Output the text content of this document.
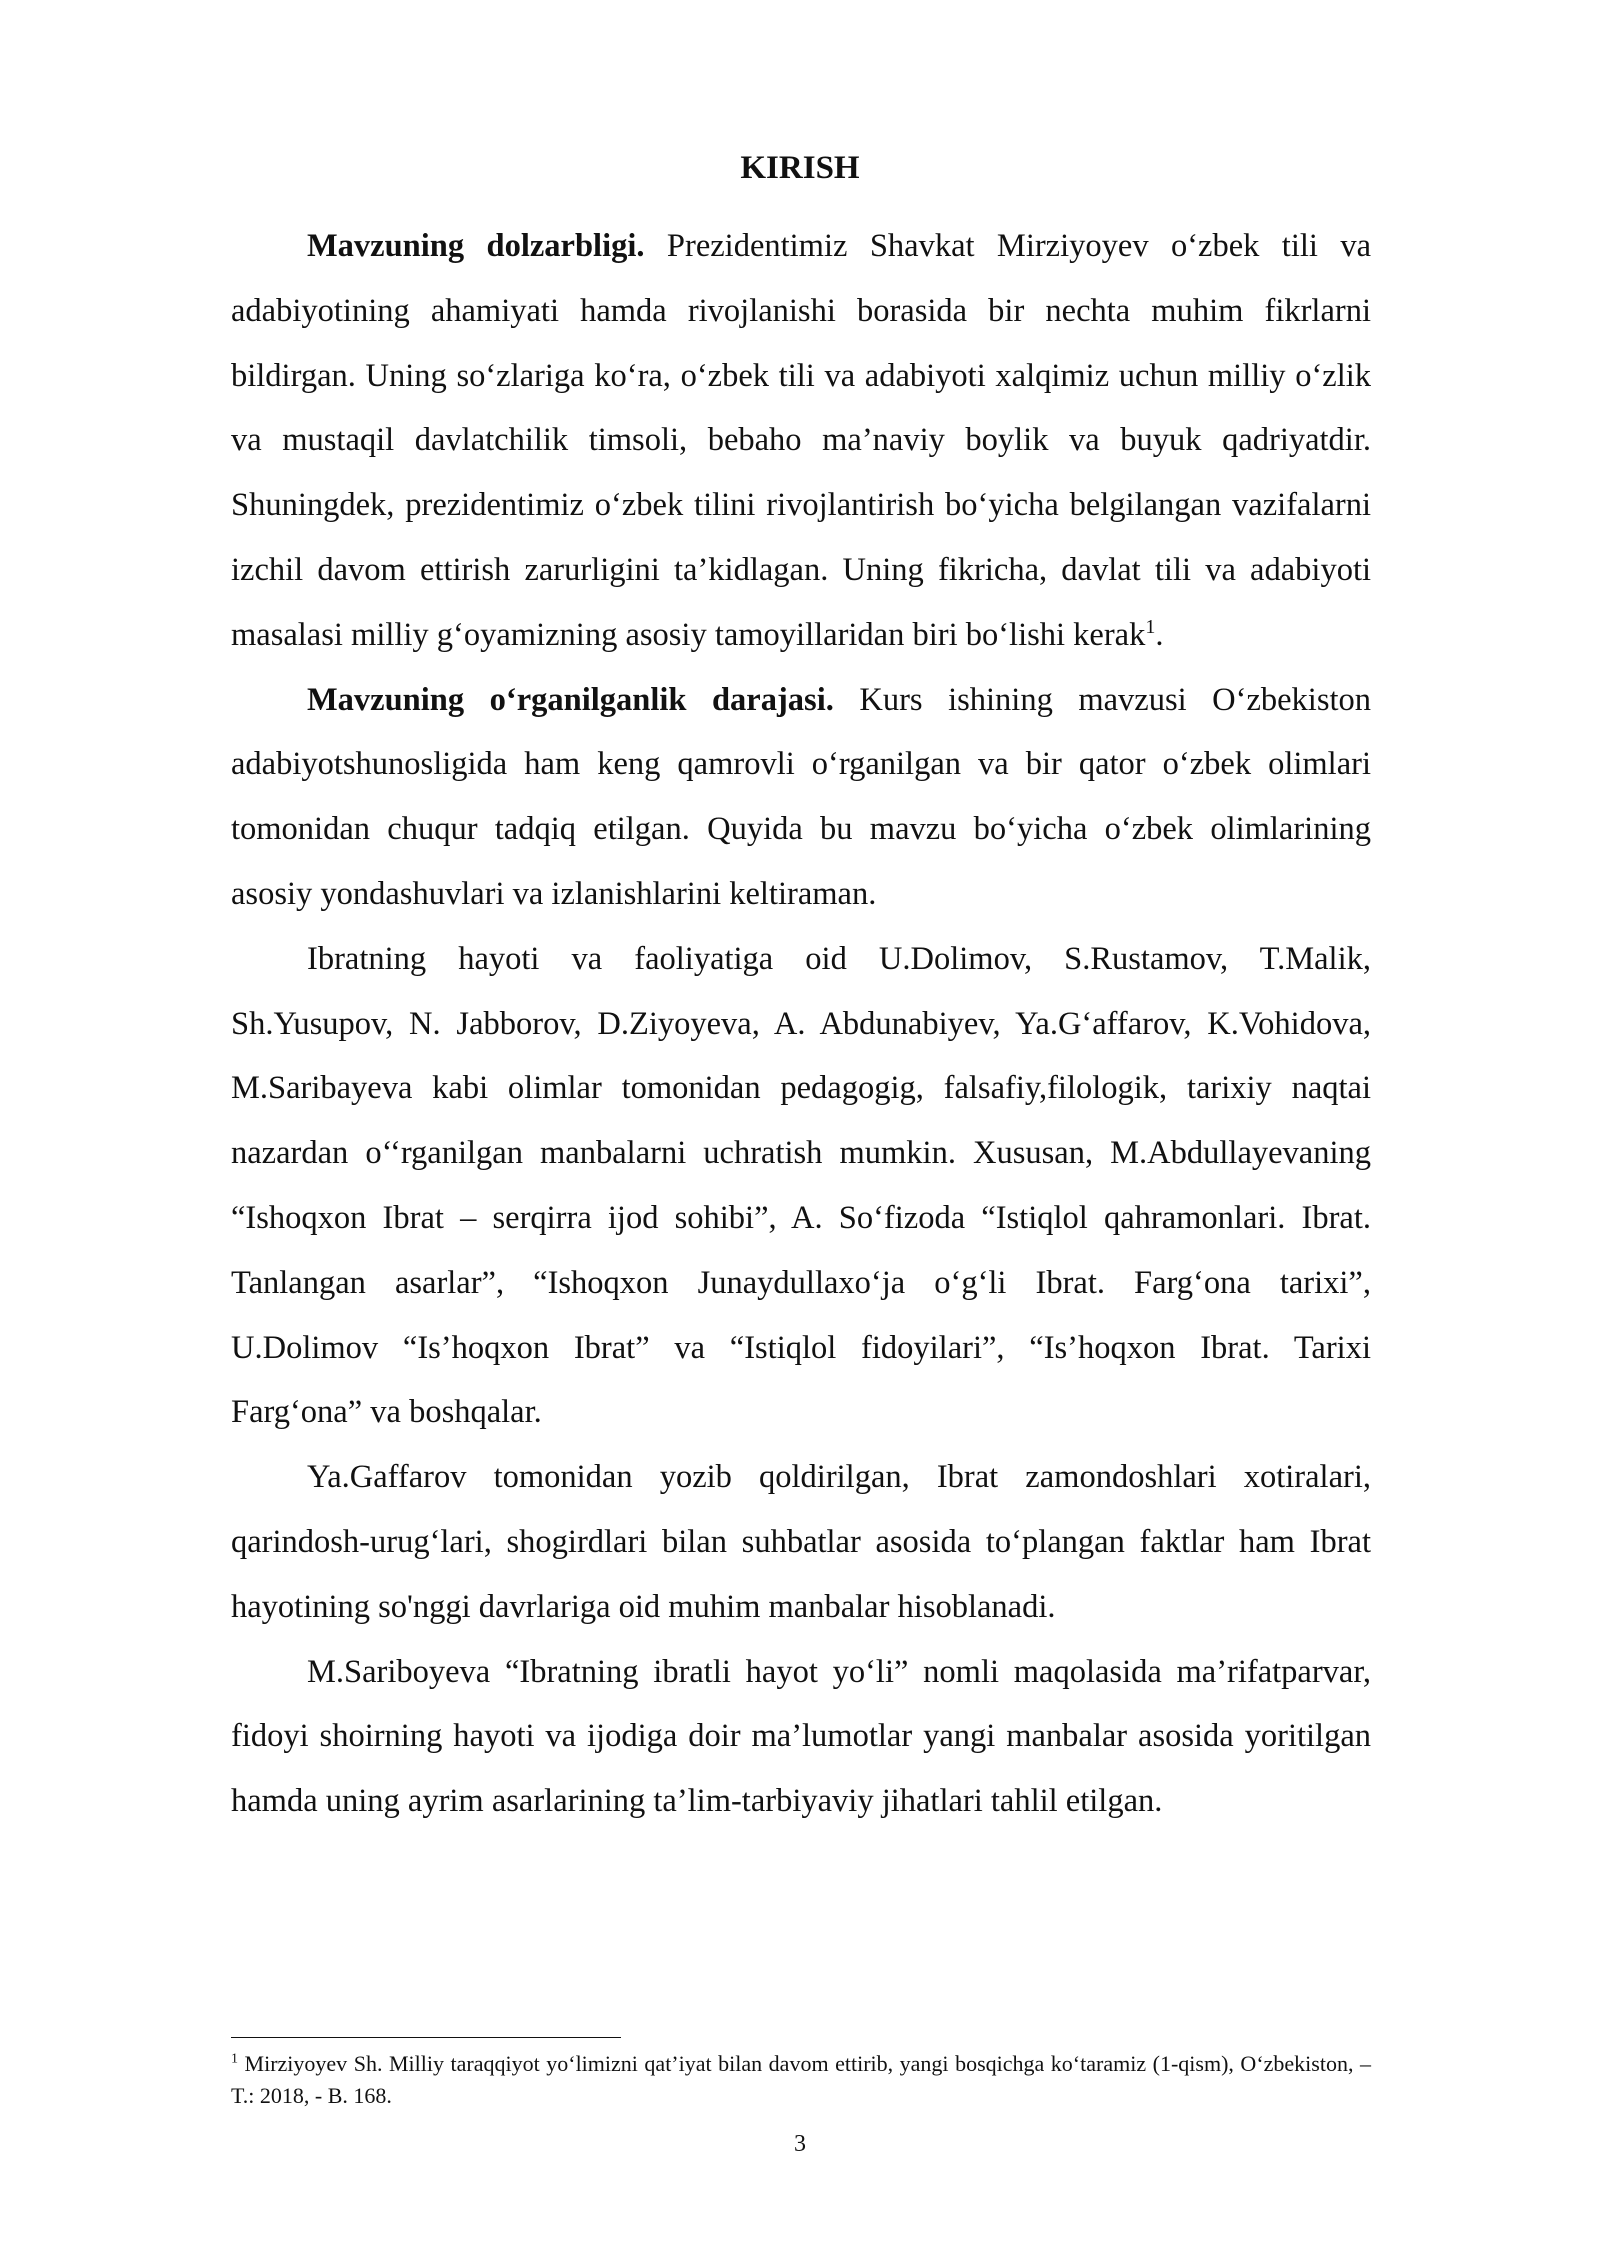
KIRISH

Mavzuning dolzarbligi. Prezidentimiz Shavkat Mirziyoyev o‘zbek tili va adabiyotining ahamiyati hamda rivojlanishi borasida bir nechta muhim fikrlarni bildirgan. Uning so‘zlariga ko‘ra, o‘zbek tili va adabiyoti xalqimiz uchun milliy o‘zlik va mustaqil davlatchilik timsoli, bebaho ma’naviy boylik va buyuk qadriyatdir. Shuningdek, prezidentimiz o‘zbek tilini rivojlantirish bo‘yicha belgilangan vazifalarni izchil davom ettirish zarurligini ta’kidlagan. Uning fikricha, davlat tili va adabiyoti masalasi milliy g‘oyamizning asosiy tamoyillaridan biri bo‘lishi kerak$^1$.

Mavzuning o‘rganilganlik darajasi. Kurs ishining mavzusi O‘zbekiston adabiyotshunosligida ham keng qamrovli o‘rganilgan va bir qator o‘zbek olimlari tomonidan chuqur tadqiq etilgan. Quyida bu mavzu bo‘yicha o‘zbek olimlarining asosiy yondashuvlari va izlanishlarini keltiraman.

Ibratning hayoti va faoliyatiga oid U.Dolimov, S.Rustamov, T.Malik, Sh.Yusupov, N. Jabborov, D.Ziyoyeva, A. Abdunabiyev, Ya.G‘affarov, K.Vohidova, M.Saribayeva kabi olimlar tomonidan pedagogig, falsafiy,filologik, tarixiy naqtai nazardan o‘‘rganilgan manbalarni uchratish mumkin. Xususan, M.Abdullayevaning “Ishoqxon Ibrat – serqirra ijod sohibi”, A. So‘fizoda “Istiqlol qahramonlari. Ibrat. Tanlangan asarlar”, “Ishoqxon Junaydullaxo‘ja o‘g‘li Ibrat. Farg‘ona tarixi”, U.Dolimov “Is’hoqxon Ibrat” va “Istiqlol fidoyilari”, “Is’hoqxon Ibrat. Tarixi Farg‘ona” va boshqalar.

Ya.Gaffarov tomonidan yozib qoldirilgan, Ibrat zamondoshlari xotiralari, qarindosh-urug‘lari, shogirdlari bilan suhbatlar asosida to‘plangan faktlar ham Ibrat hayotining so'nggi davrlariga oid muhim manbalar hisoblanadi.

M.Sariboyeva “Ibratning ibratli hayot yo‘li” nomli maqolasida ma’rifatparvar, fidoyi shoirning hayoti va ijodiga doir ma’lumotlar yangi manbalar asosida yoritilgan hamda uning ayrim asarlarining ta’lim-tarbiyaviy jihatlari tahlil etilgan.

$^1$ Mirziyoyev Sh. Milliy taraqqiyot yo‘limizni qat’iyat bilan davom ettirib, yangi bosqichga ko‘taramiz (1-qism), O‘zbekiston, – T.: 2018, - B. 168.
3
